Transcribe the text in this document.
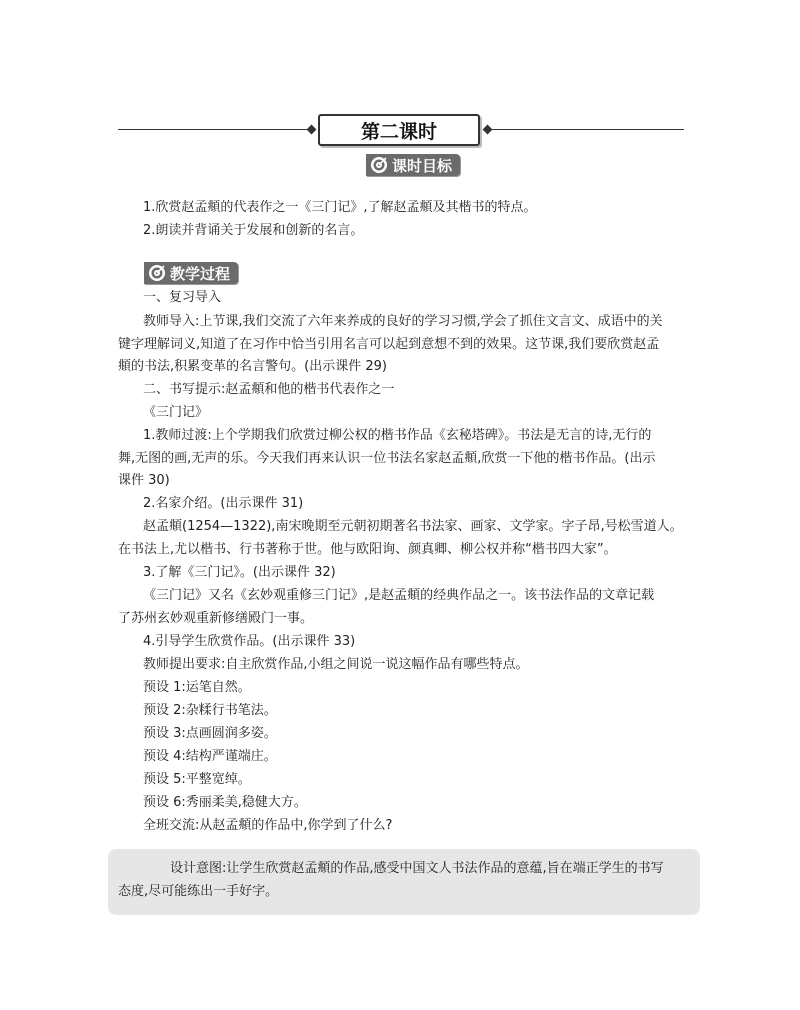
第二课时
课时目标
1.欣赏赵孟頫的代表作之一《三门记》,了解赵孟頫及其楷书的特点。
2.朗读并背诵关于发展和创新的名言。
教学过程
一、复习导入
教师导入:上节课,我们交流了六年来养成的良好的学习习惯,学会了抓住文言文、成语中的关
键字理解词义,知道了在习作中恰当引用名言可以起到意想不到的效果。这节课,我们要欣赏赵孟
頫的书法,积累变革的名言警句。(出示课件 29)
二、书写提示:赵孟頫和他的楷书代表作之一
《三门记》
1.教师过渡:上个学期我们欣赏过柳公权的楷书作品《玄秘塔碑》。书法是无言的诗,无行的
舞,无图的画,无声的乐。今天我们再来认识一位书法名家赵孟頫,欣赏一下他的楷书作品。(出示
课件 30)
2.名家介绍。(出示课件 31)
赵孟頫(1254—1322),南宋晚期至元朝初期著名书法家、画家、文学家。字子昂,号松雪道人。
在书法上,尤以楷书、行书著称于世。他与欧阳询、颜真卿、柳公权并称“楷书四大家”。
3.了解《三门记》。(出示课件 32)
《三门记》又名《玄妙观重修三门记》,是赵孟頫的经典作品之一。该书法作品的文章记载
了苏州玄妙观重新修缮殿门一事。
4.引导学生欣赏作品。(出示课件 33)
教师提出要求:自主欣赏作品,小组之间说一说这幅作品有哪些特点。
预设 1:运笔自然。
预设 2:杂糅行书笔法。
预设 3:点画圆润多姿。
预设 4:结构严谨端庄。
预设 5:平整宽绰。
预设 6:秀丽柔美,稳健大方。
全班交流:从赵孟頫的作品中,你学到了什么?
设计意图:让学生欣赏赵孟頫的作品,感受中国文人书法作品的意蕴,旨在端正学生的书写
态度,尽可能练出一手好字。
